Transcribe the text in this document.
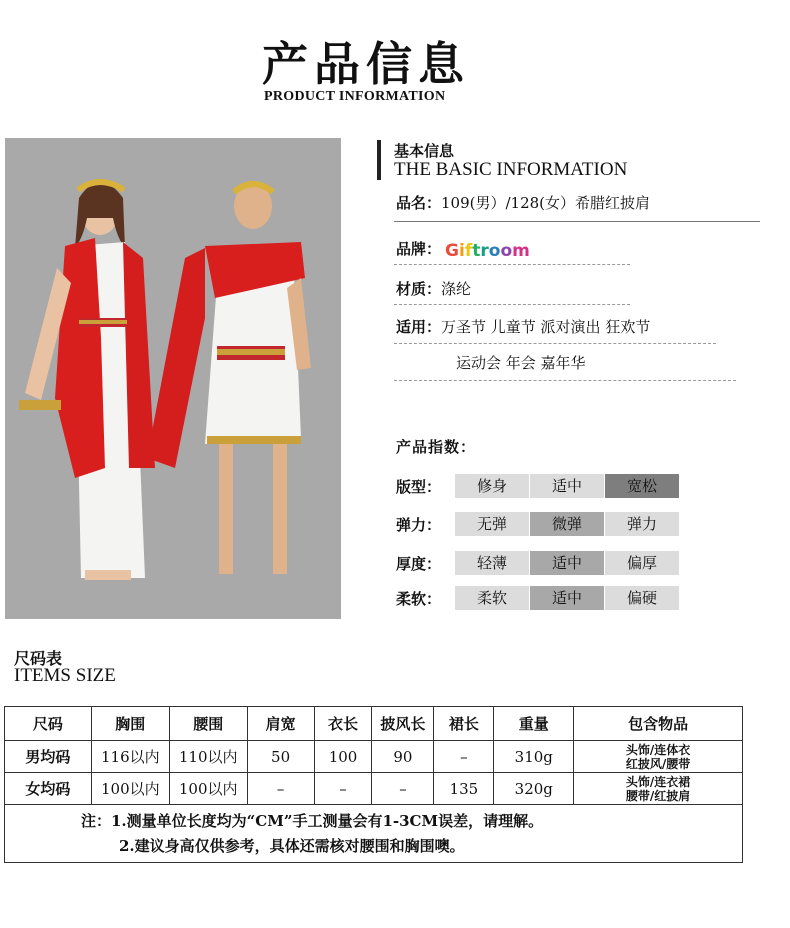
产品信息
PRODUCT INFORMATION
基本信息
THE BASIC INFORMATION
品名：109(男）/128(女）希腊红披肩
品牌： Giftroom
材质：涤纶
适用：万圣节 儿童节 派对演出 狂欢节
运动会 年会 嘉年华
产品指数：
版型：	修身	适中	宽松
弹力：	无弹	微弹	弹力
厚度：	轻薄	适中	偏厚
柔软：	柔软	适中	偏硬
尺码表
ITEMS SIZE
尺码	胸围	腰围	肩宽	衣长	披风长	裙长	重量	包含物品
男均码	116以内	110以内	50	100	90	–	310g	头饰/连体衣
红披风/腰带

女均码	100以内	100以内	–	–	–	135	320g	头饰/连衣裙
腰带/红披肩

注：1.测量单位长度均为“CM”手工测量会有1-3CM误差，请理解。
2.建议身高仅供参考，具体还需核对腰围和胸围噢。								
